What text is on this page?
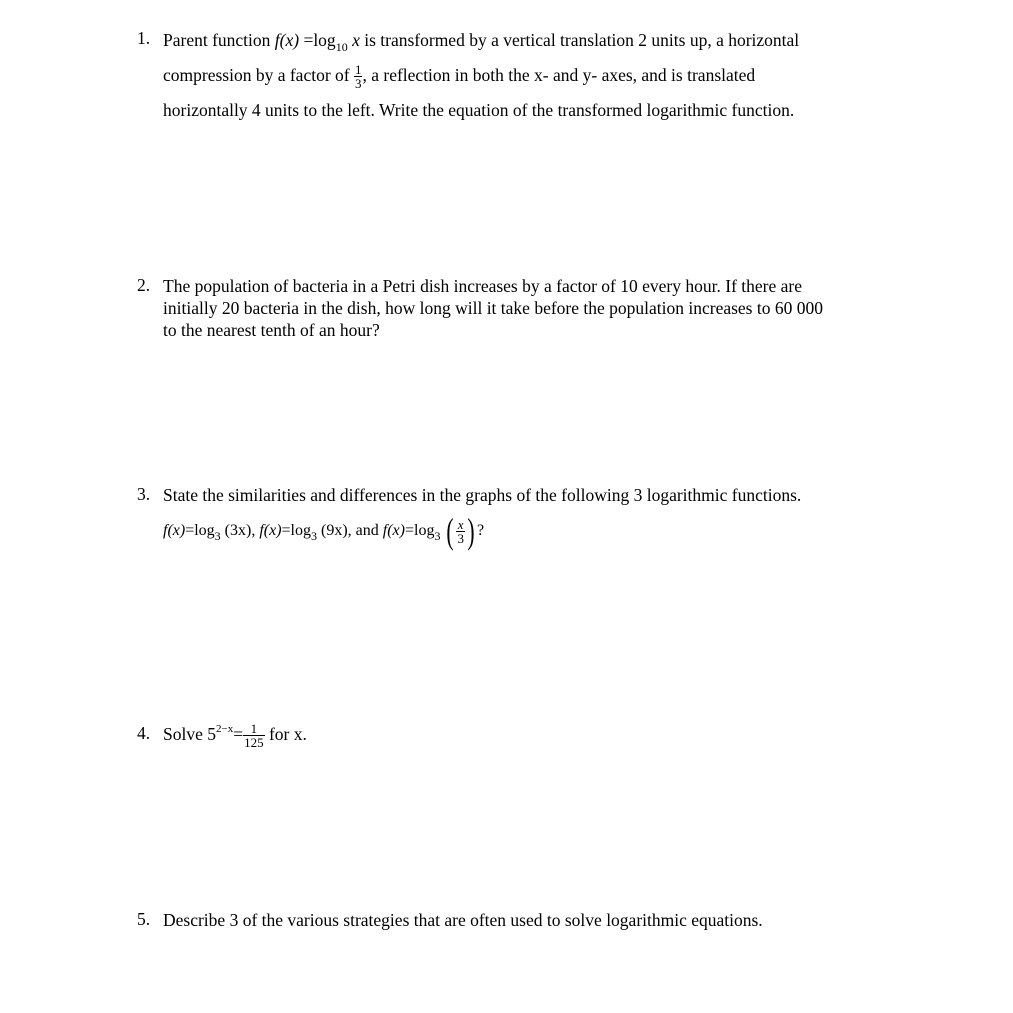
1. Parent function $f(x) =\log_{10}$ x is transformed by a vertical translation 2 units up, a horizontal
compression by a factor of $\frac{1}{3}$ , a reflection in both the x- and y- axes, and is translated
horizontally 4 units to the left. Write the equation of the transformed logarithmic function.
2. The population of bacteria in a Petri dish increases by a factor of 10 every hour. If there are
initially 20 bacteria in the dish, how long will it take before the population increases to 60 000
to the nearest tenth of an hour?
3. State the similarities and differences in the graphs of the following 3 logarithmic functions.
$f(x)=\log_3$ (3x), $f(x)=\log_3$ (9x), and $f(x)=\log_3$ ( $\frac{x}{3}$ ) ?
4. Solve $5^{2-x}= \frac{1}{125}$ for x.
5. Describe 3 of the various strategies that are often used to solve logarithmic equations.
